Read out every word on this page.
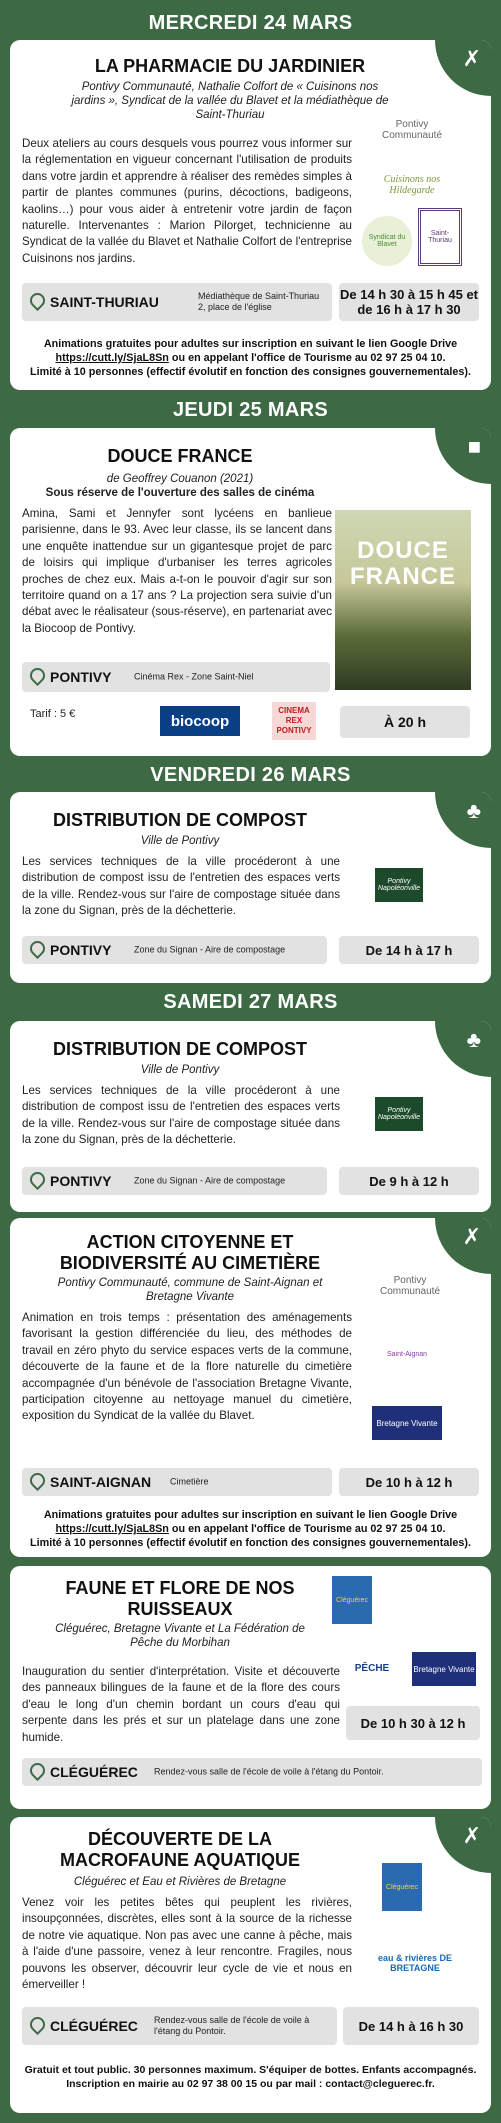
MERCREDI 24 MARS
JEUDI 25 MARS
VENDREDI 26 MARS
SAMEDI 27 MARS
✗
LA PHARMACIE DU JARDINIER
Pontivy Communauté, Nathalie Colfort de « Cuisinons nos jardins », Syndicat de la vallée du Blavet et la médiathèque de Saint-Thuriau
Deux ateliers au cours desquels vous pourrez vous informer sur la réglementation en vigueur concernant l'utilisation de produits dans votre jardin et apprendre à réaliser des remèdes simples à partir de plantes communes (purins, décoctions, badigeons, kaolins…) pour vous aider à entretenir votre jardin de façon naturelle. Intervenantes : Marion Pilorget, technicienne au Syndicat de la vallée du Blavet et Nathalie Colfort de l'entreprise Cuisinons nos jardins.
Pontivy Communauté
Cuisinons nos Hildegarde
Syndicat du Blavet
Saint-Thuriau
SAINT-THURIAU	Médiathèque de Saint-Thuriau 2, place de l'église
De 14 h 30 à 15 h 45 et de 16 h à 17 h 30
Animations gratuites pour adultes sur inscription en suivant le lien Google Drive
https://cutt.ly/SjaL8Sn ou en appelant l'office de Tourisme au 02 97 25 04 10.
Limité à 10 personnes (effectif évolutif en fonction des consignes gouvernementales).
■
DOUCE FRANCE
de Geoffrey Couanon (2021)
Sous réserve de l'ouverture des salles de cinéma
Amina, Sami et Jennyfer sont lycéens en banlieue parisienne, dans le 93. Avec leur classe, ils se lancent dans une enquête inattendue sur un gigantesque projet de parc de loisirs qui implique d'urbaniser les terres agricoles proches de chez eux. Mais a-t-on le pouvoir d'agir sur son territoire quand on a 17 ans ? La projection sera suivie d'un débat avec le réalisateur (sous-réserve), en partenariat avec la Biocoop de Pontivy.
DOUCE FRANCE
PONTIVY	Cinéma Rex - Zone Saint-Niel
Tarif : 5 €	biocoop
CINEMA REX PONTIVY
À 20 h
♣
DISTRIBUTION DE COMPOST
Ville de Pontivy
Les services techniques de la ville procéderont à une distribution de compost issu de l'entretien des espaces verts de la ville. Rendez-vous sur l'aire de compostage située dans la zone du Signan, près de la déchetterie.
Pontivy Napoléonville
PONTIVY	Zone du Signan - Aire de compostage	De 14 h à 17 h
♣
DISTRIBUTION DE COMPOST
Ville de Pontivy
Les services techniques de la ville procéderont à une distribution de compost issu de l'entretien des espaces verts de la ville. Rendez-vous sur l'aire de compostage située dans la zone du Signan, près de la déchetterie.
Pontivy Napoléonville
PONTIVY	Zone du Signan - Aire de compostage	De 9 h à 12 h
✗
ACTION CITOYENNE ET BIODIVERSITÉ AU CIMETIÈRE
Pontivy Communauté, commune de Saint-Aignan et Bretagne Vivante
Animation en trois temps : présentation des aménagements favorisant la gestion différenciée du lieu, des méthodes de travail en zéro phyto du service espaces verts de la commune, découverte de la faune et de la flore naturelle du cimetière accompagnée d'un bénévole de l'association Bretagne Vivante, participation citoyenne au nettoyage manuel du cimetière, exposition du Syndicat de la vallée du Blavet.
Pontivy Communauté
Saint-Aignan
Bretagne Vivante
SAINT-AIGNAN Cimetière	De 10 h à 12 h
Animations gratuites pour adultes sur inscription en suivant le lien Google Drive
https://cutt.ly/SjaL8Sn ou en appelant l'office de Tourisme au 02 97 25 04 10.
Limité à 10 personnes (effectif évolutif en fonction des consignes gouvernementales).
FAUNE ET FLORE DE NOS RUISSEAUX
Cléguérec, Bretagne Vivante et La Fédération de Pêche du Morbihan
Inauguration du sentier d'interprétation. Visite et découverte des panneaux bilingues de la faune et de la flore des cours d'eau le long d'un chemin bordant un cours d'eau qui serpente dans les prés et sur un platelage dans une zone humide.
Cléguérec
PÊCHE	Bretagne Vivante
De 10 h 30 à 12 h
CLÉGUÉREC Rendez-vous salle de l'école de voile à l'étang du Pontoir.
✗
DÉCOUVERTE DE LA MACROFAUNE AQUATIQUE
Cléguérec et Eau et Rivières de Bretagne
Venez voir les petites bêtes qui peuplent les rivières, insoupçonnées, discrètes, elles sont à la source de la richesse de notre vie aquatique. Non pas avec une canne à pêche, mais à l'aide d'une passoire, venez à leur rencontre. Fragiles, nous pouvons les observer, découvrir leur cycle de vie et nous en émerveiller !
Cléguérec
eau & rivières DE BRETAGNE
CLÉGUÉREC Rendez-vous salle de l'école de voile à l'étang du Pontoir.	De 14 h à 16 h 30
Gratuit et tout public. 30 personnes maximum. S'équiper de bottes. Enfants accompagnés.
Inscription en mairie au 02 97 38 00 15 ou par mail : contact@cleguerec.fr.
